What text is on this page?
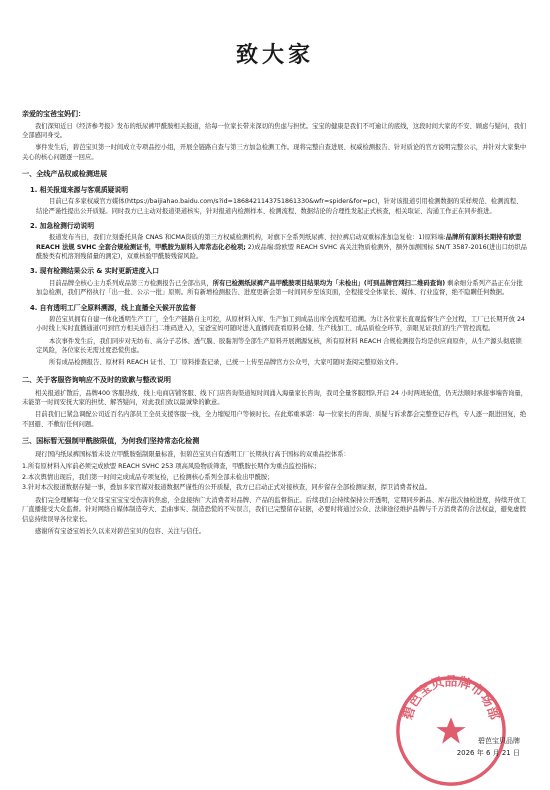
致大家
亲爱的宝爸宝妈们：

我们深知近日《经济参考报》发布的纸尿裤甲酰胺相关报道，给每一位家长带来深切的焦虑与担忧。宝宝的健康是我们不可逾让的底线，这段时间大家的不安、顾虑与疑问，我们全部感同身受。

事件发生后，碧芭宝贝第一时间成立专项品控小组，开展全链路自查与第三方加急检测工作。现将完整自查进展、权威检测报告、针对质论的官方说明完整公示，并针对大家集中关心的核心问题逐一回应。

一、全线产品权威检测进展
1. 相关报道来源与客观质疑说明

目前已有多家权威官方媒体(https://baijiahao.baidu.com/s?id=1868421143751861330&wfr=spider&for=pc)，针对该报道引用检测数据的采样规范、检测流程、结论严谨性提出公开质疑。同时我方已主动对报道渠道核实，针对报道内检测样本、检测流程、数据结论的合理性发起正式核查，相关取证、沟通工作正在同步推进。

2. 加急检测行动说明

报道发布当日，我们立刻委托具备 CNAS 和CMA资质的第三方权威检测机构，对旗下全系列纸尿裤、拉拉裤启动双重标准加急复检：1)原料端:品牌所有原料长期持有欧盟REACH 法规 SVHC 全套合规检测证书，甲酰胺为原料入库常态化必检项; 2)成品端:除欧盟 REACH SVHC 高关注物质检测外，额外加测国标 SN/T 3587-2016(进出口纺织品酰胺类有机溶剂残留量的测定)，双重核验甲酰胺残留风险。

3. 现有检测结果公示 & 实时更新进度入口

目前品牌全核心主力系列成品第三方检测报告已全部出具，所有已检测纸尿裤产品甲酰胺项目结果均为「未检出」(可到品牌官网扫二维码查询) 剩余细分系列产品正在分批加急检测，我们严格执行「出一批、公示一批」原则。所有新增检测报告、进度更新会第一时间同步至该页面，全程接受全体家长、媒体、行业监督，绝不隐瞒任何数据。

4. 自有透明工厂全原料溯源，线上直播全天候开放监督

碧芭宝贝拥有自建一体化透明生产工厂，全生产链路自主可控，从原材料入库、生产加工到成品出库全流程可追溯。为让各位家长直观监督生产全过程，工厂已长期开放 24 小时线上实时直播通道(可到官方相关通告扫二维码进入)，宝爸宝妈可随时进入直播间查看原料仓储、生产线加工、成品质检全环节，亲眼见证我们的生产管控流程。

本次事件发生后，我们同步对无纺布、高分子芯体、透气膜、胶黏剂等全部生产原料开展溯源复核，所有原材料 REACH 合规检测报告均是供应商原件，从生产源头彻底锁定风险，各位家长无需过度恐慌焦虑。

所有成品检测报告、原材料 REACH 证书、工厂原料排查记录，已统一上传至品牌官方公众号，大家可随时查阅完整原始文件。

二、关于客服咨询响应不及时的致歉与整改说明

相关报道扩散后，品牌400 客服热线、线上电商店铺客服、线下门店咨询渠道短时间涌入海量家长咨询，我司全量客服团队开启 24 小时两班轮值，仍无法顺时承接事端咨询量，未能第一时间安抚大家的担忧、解答疑问，对此我们致以最诚挚的歉意。

目前我们已紧急调配公司近百名内部员工全员支援客服一线，全力缩短用户等候时长。在此郑重承诺：每一位家长的咨询、质疑与诉求都会完整登记存档，专人逐一跟进回复，绝不回避、不敷衍任何问题。

三、国标暂无强制甲酰胺限值，为何我们坚持常态化检测

现行国内纸尿裤国标暂未设立甲酰胺强制限量标准，但碧芭宝贝自有透明工厂长期执行高于国标的双重品控体系：

1.所有原材料入库前必须完成欧盟 REACH SVHC 253 项高风险物质筛查，甲酰胺长期作为重点监控指标；
2.本次舆情出现后，我们第一时间完成成品专项复检，已检测核心系列全部未检出甲酰胺；
3.针对本次报道数据存疑一事，叠加多家官媒对报道数据严谨性的公开质疑，我方已启动正式对接核查，同步留存全部检测证据，捍卫消费者权益。

我们完全理解每一位父母宝宝宝宝受伤害的焦虑，全盘接纳广大消费者对品牌、产品的监督指正。后续我们会持续保持公开透明，定期同步新品、库存批次抽检进度，持续开放工厂直播接受大众监督。针对网络自媒体制造夸大、歪曲事实、制造恐慌的不实误言，我们已完整留存证据，必要时将通过公众、法律途径维护品牌与千万消费者的合法权益，避免虚假信息持续误导各位家长。

感谢所有宝爸宝妈长久以来对碧芭宝贝的包容、关注与信任。

碧芭宝贝品牌市场部
碧芭宝贝品牌
2026 年 6 月 21 日
